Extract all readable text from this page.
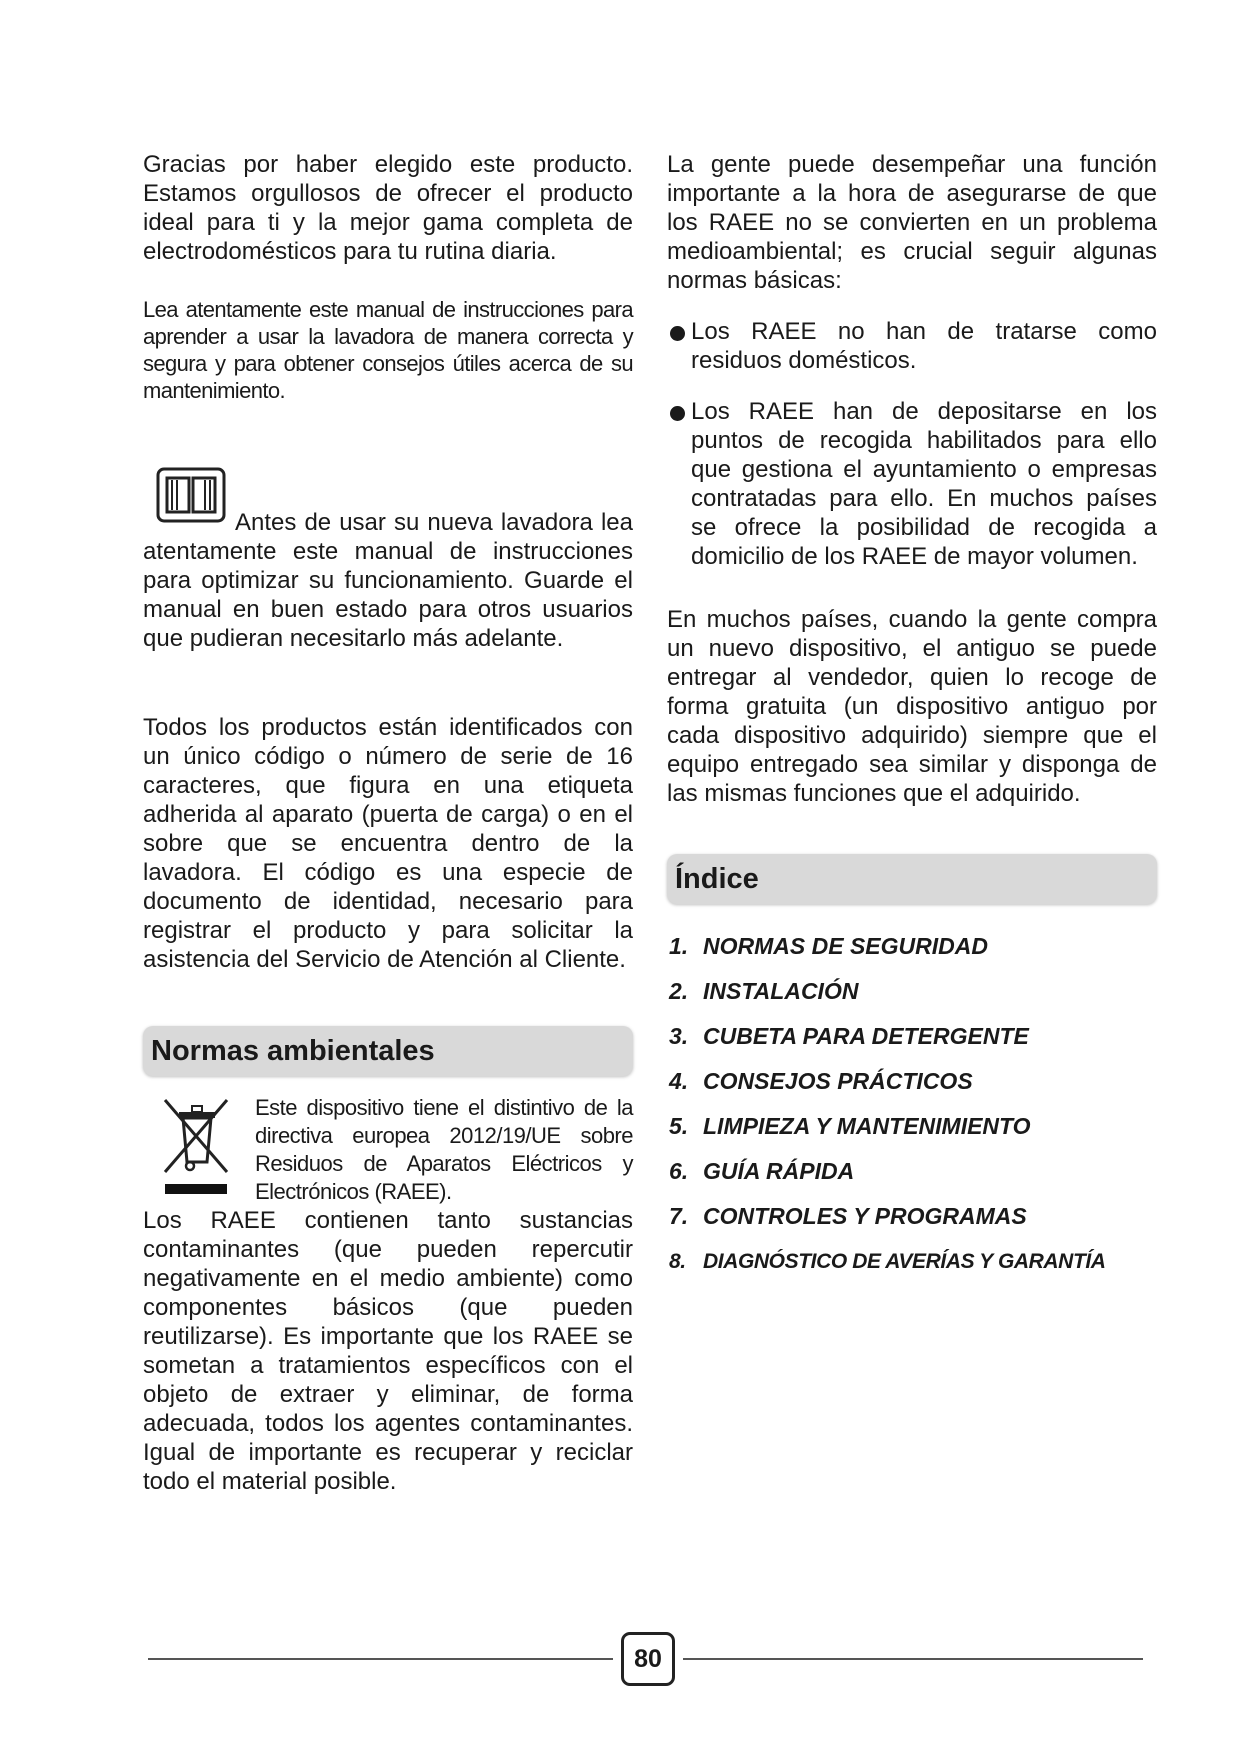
Gracias por haber elegido este producto. Estamos orgullosos de ofrecer el producto ideal para ti y la mejor gama completa de electrodomésticos para tu rutina diaria.

Lea atentamente este manual de instrucciones para aprender a usar la lavadora de manera correcta y segura y para obtener consejos útiles acerca de su mantenimiento.

Antes de usar su nueva lavadora lea atentamente este manual de instrucciones para optimizar su funcionamiento. Guarde el manual en buen estado para otros usuarios que pudieran necesitarlo más adelante.

Todos los productos están identificados con un único código o número de serie de 16 caracteres, que figura en una etiqueta adherida al aparato (puerta de carga) o en el sobre que se encuentra dentro de la lavadora. El código es una especie de documento de identidad, necesario para registrar el producto y para solicitar la asistencia del Servicio de Atención al Cliente.

Normas ambientales

Este dispositivo tiene el distintivo de la directiva europea 2012/19/UE sobre Residuos de Aparatos Eléctricos y Electrónicos (RAEE).

Los RAEE contienen tanto sustancias contaminantes (que pueden repercutir negativamente en el medio ambiente) como componentes básicos (que pueden reutilizarse). Es importante que los RAEE se sometan a tratamientos específicos con el objeto de extraer y eliminar, de forma adecuada, todos los agentes contaminantes. Igual de importante es recuperar y reciclar todo el material posible.

La gente puede desempeñar una función importante a la hora de asegurarse de que los RAEE no se convierten en un problema medioambiental; es crucial seguir algunas normas básicas:

Los RAEE no han de tratarse como residuos domésticos.

Los RAEE han de depositarse en los puntos de recogida habilitados para ello que gestiona el ayuntamiento o empresas contratadas para ello. En muchos países se ofrece la posibilidad de recogida a domicilio de los RAEE de mayor volumen.

En muchos países, cuando la gente compra un nuevo dispositivo, el antiguo se puede entregar al vendedor, quien lo recoge de forma gratuita (un dispositivo antiguo por cada dispositivo adquirido) siempre que el equipo entregado sea similar y disponga de las mismas funciones que el adquirido.

Índice
1. NORMAS DE SEGURIDAD
2. INSTALACIÓN
3. CUBETA PARA DETERGENTE
4. CONSEJOS PRÁCTICOS
5. LIMPIEZA Y MANTENIMIENTO
6. GUÍA RÁPIDA
7. CONTROLES Y PROGRAMAS
8. DIAGNÓSTICO DE AVERÍAS Y GARANTÍA
80
